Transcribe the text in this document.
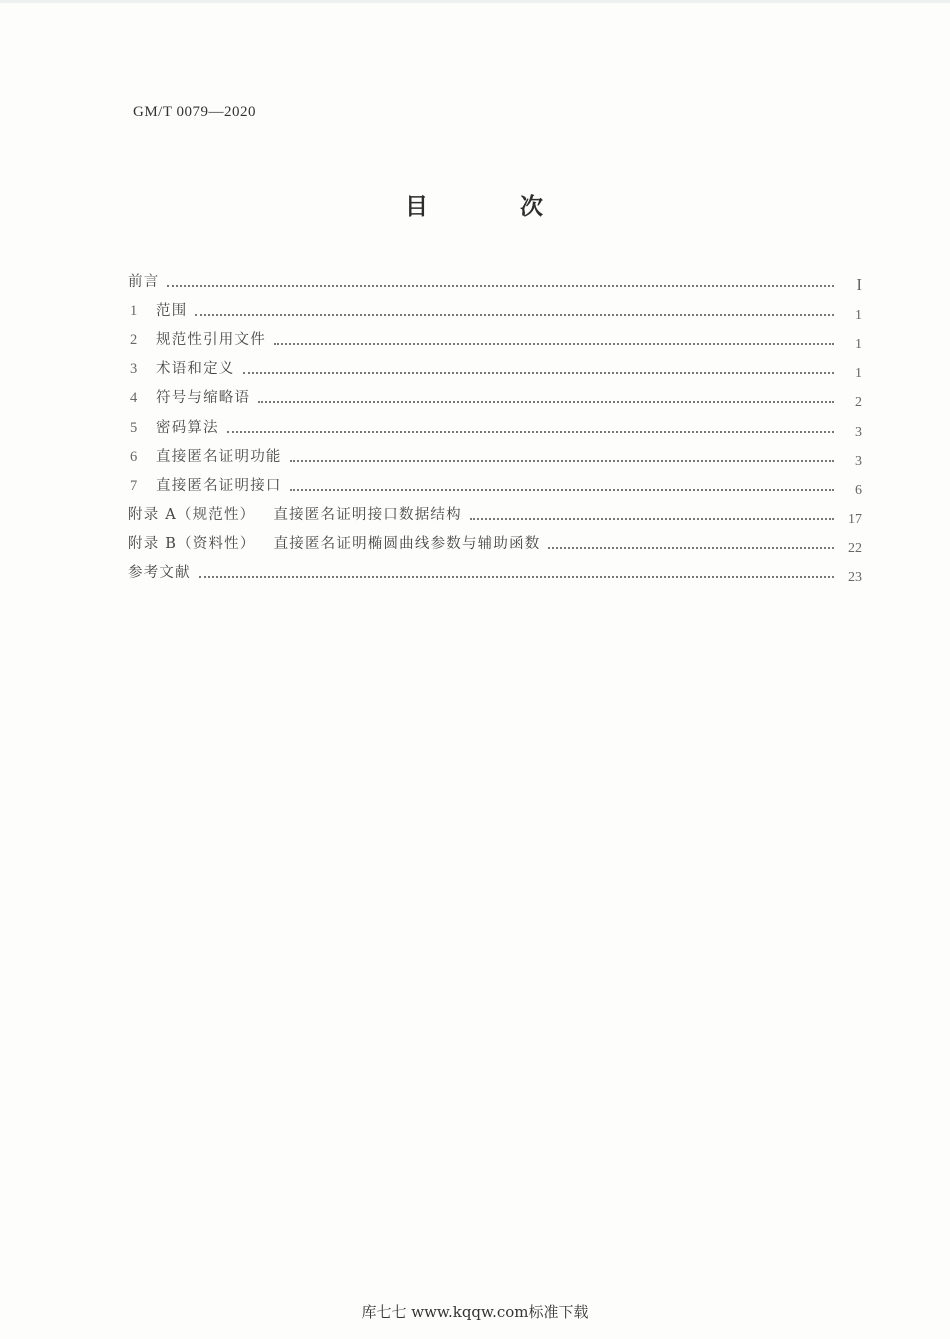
GM/T 0079—2020
目 次
前言	I
1	范围	1
2	规范性引用文件	1
3	术语和定义	1
4	符号与缩略语	2
5	密码算法	3
6	直接匿名证明功能	3
7	直接匿名证明接口	6
附录 A（规范性） 直接匿名证明接口数据结构	17
附录 B（资料性） 直接匿名证明椭圆曲线参数与辅助函数	22
参考文献	23
库七七 www.kqqw.com标准下载
